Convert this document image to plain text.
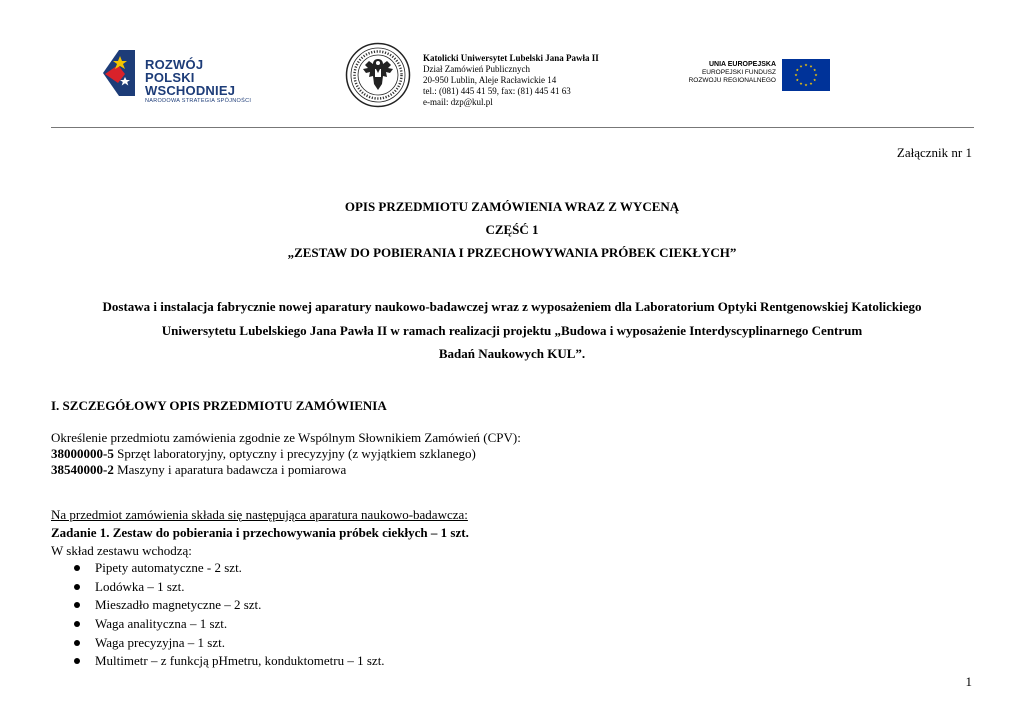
ROZWÓJ
POLSKI WSCHODNIEJ
NARODOWA STRATEGIA SPÓJNOŚCI
Katolicki Uniwersytet Lubelski Jana Pawła II
Dział Zamówień Publicznych
20-950 Lublin, Aleje Racławickie 14
tel.: (081) 445 41 59, fax: (81) 445 41 63
e-mail: dzp@kul.pl
UNIA EUROPEJSKA
EUROPEJSKI FUNDUSZ
ROZWOJU REGIONALNEGO
Załącznik nr 1
OPIS PRZEDMIOTU ZAMÓWIENIA WRAZ Z WYCENĄ
CZĘŚĆ 1
„ZESTAW DO POBIERANIA I PRZECHOWYWANIA PRÓBEK CIEKŁYCH”
Dostawa i instalacja fabrycznie nowej aparatury naukowo-badawczej wraz z wyposażeniem dla Laboratorium Optyki Rentgenowskiej Katolickiego
Uniwersytetu Lubelskiego Jana Pawła II w ramach realizacji projektu „Budowa i wyposażenie Interdyscyplinarnego Centrum
Badań Naukowych KUL”.
I. SZCZEGÓŁOWY OPIS PRZEDMIOTU ZAMÓWIENIA
Określenie przedmiotu zamówienia zgodnie ze Wspólnym Słownikiem Zamówień (CPV):
38000000-5 Sprzęt laboratoryjny, optyczny i precyzyjny (z wyjątkiem szklanego)
38540000-2 Maszyny i aparatura badawcza i pomiarowa
Na przedmiot zamówienia składa się następująca aparatura naukowo-badawcza:
Zadanie 1. Zestaw do pobierania i przechowywania próbek ciekłych – 1 szt.
W skład zestawu wchodzą:
Pipety automatyczne - 2 szt.
Lodówka – 1 szt.
Mieszadło magnetyczne – 2 szt.
Waga analityczna – 1 szt.
Waga precyzyjna – 1 szt.
Multimetr – z funkcją pHmetru, konduktometru – 1 szt.
1
